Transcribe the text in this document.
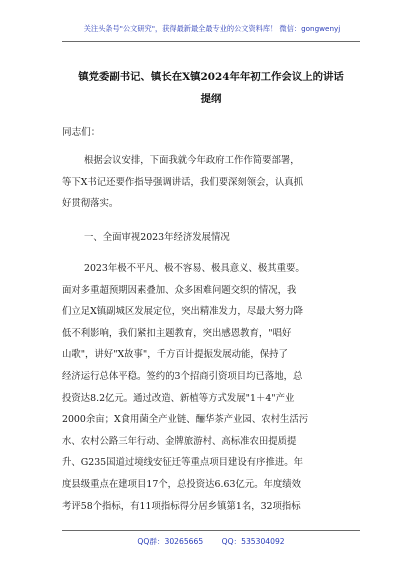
关注头条号"公文研究"，获得最新最全最专业的公文资料库！ 微信：gongwenyj
镇党委副书记、镇长在X镇2024年年初工作会议上的讲话
提纲
同志们：
根据会议安排，下面我就今年政府工作作简要部署，
等下X书记还要作指导强调讲话，我们要深刻领会，认真抓
好贯彻落实。
一、全面审视2023年经济发展情况
2023年极不平凡、极不容易、极具意义、极其重要。
面对多重超预期因素叠加、众多困难问题交织的情况，我
们立足X镇副城区发展定位，突出精准发力，尽最大努力降
低不利影响，我们紧扣主题教育，突出感恩教育，"唱好
山歌"，讲好"X故事"，千方百计提振发展动能，保持了
经济运行总体平稳。签约的3个招商引资项目均已落地，总
投资达8.2亿元。通过改造、新植等方式发展"1＋4"产业
2000余亩；X食用菌全产业链、酾华茶产业园、农村生活污
水、农村公路三年行动、金牌旅游村、高标准农田提质提
升、G235国道过境线安征迁等重点项目建设有序推进。年
度县级重点在建项目17个，总投资达6.63亿元。年度绩效
考评58个指标，有11项指标得分居乡镇第1名，32项指标
QQ群：30265665 QQ：535304092
